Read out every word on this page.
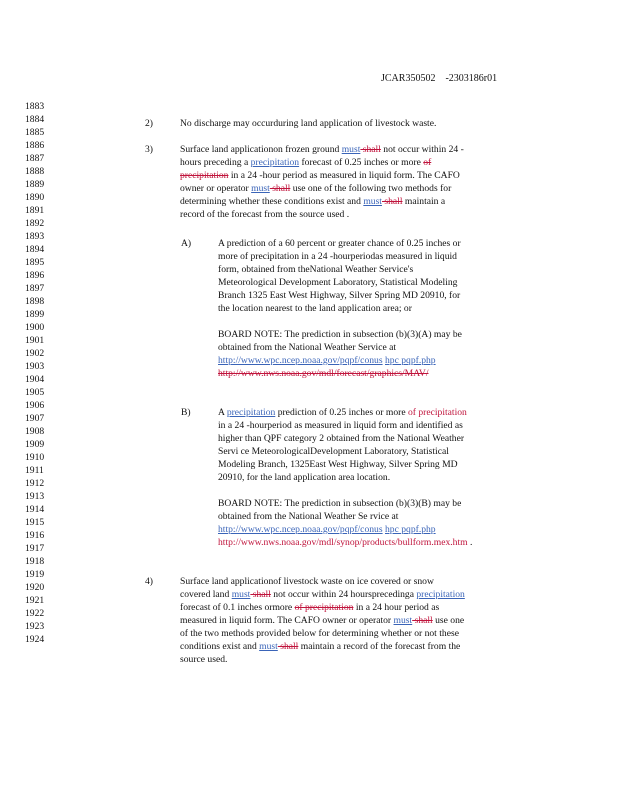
JCAR350502 -2303186r01
1883
1884
1885
1886
1887
1888
1889
1890
1891
1892
1893
1894
1895
1896
1897
1898
1899
1900
1901
1902
1903
1904
1905
1906
1907
1908
1909
1910
1911
1912
1913
1914
1915
1916
1917
1918
1919
1920
1921
1922
1923
1924
2)	No discharge may occurduring land application of livestock waste.
3)	Surface land applicationon frozen ground must shall not occur within 24 -
hours preceding a precipitation forecast of 0.25 inches or more of
precipitation in a 24 -hour period as measured in liquid form. The CAFO
owner or operator must shall use one of the following two methods for
determining whether these conditions exist and must shall maintain a
record of the forecast from the source used .
A)	A prediction of a 60 percent or greater chance of 0.25 inches or
more of precipitation in a 24 -hourperiodas measured in liquid
form, obtained from theNational Weather Service's
Meteorological Development Laboratory, Statistical Modeling
Branch 1325 East West Highway, Silver Spring MD 20910, for
the location nearest to the land application area; or
BOARD NOTE: The prediction in subsection (b)(3)(A) may be
obtained from the National Weather Service at
http://www.wpc.ncep.noaa.gov/pqpf/conus hpc pqpf.php
http://www.nws.noaa.gov/mdl/forecast/graphics/MAV/
B)	A precipitation prediction of 0.25 inches or more of precipitation
in a 24 -hourperiod as measured in liquid form and identified as
higher than QPF category 2 obtained from the National Weather
Servi ce MeteorologicalDevelopment Laboratory, Statistical
Modeling Branch, 1325East West Highway, Silver Spring MD
20910, for the land application area location.
BOARD NOTE: The prediction in subsection (b)(3)(B) may be
obtained from the National Weather Se rvice at
http://www.wpc.ncep.noaa.gov/pqpf/conus hpc pqpf.php
http://www.nws.noaa.gov/mdl/synop/products/bullform.mex.htm .
4)	Surface land applicationof livestock waste on ice covered or snow
covered land must shall not occur within 24 hoursprecedinga precipitation
forecast of 0.1 inches ormore of precipitation in a 24 hour period as
measured in liquid form. The CAFO owner or operator must shall use one
of the two methods provided below for determining whether or not these
conditions exist and must shall maintain a record of the forecast from the
source used.
